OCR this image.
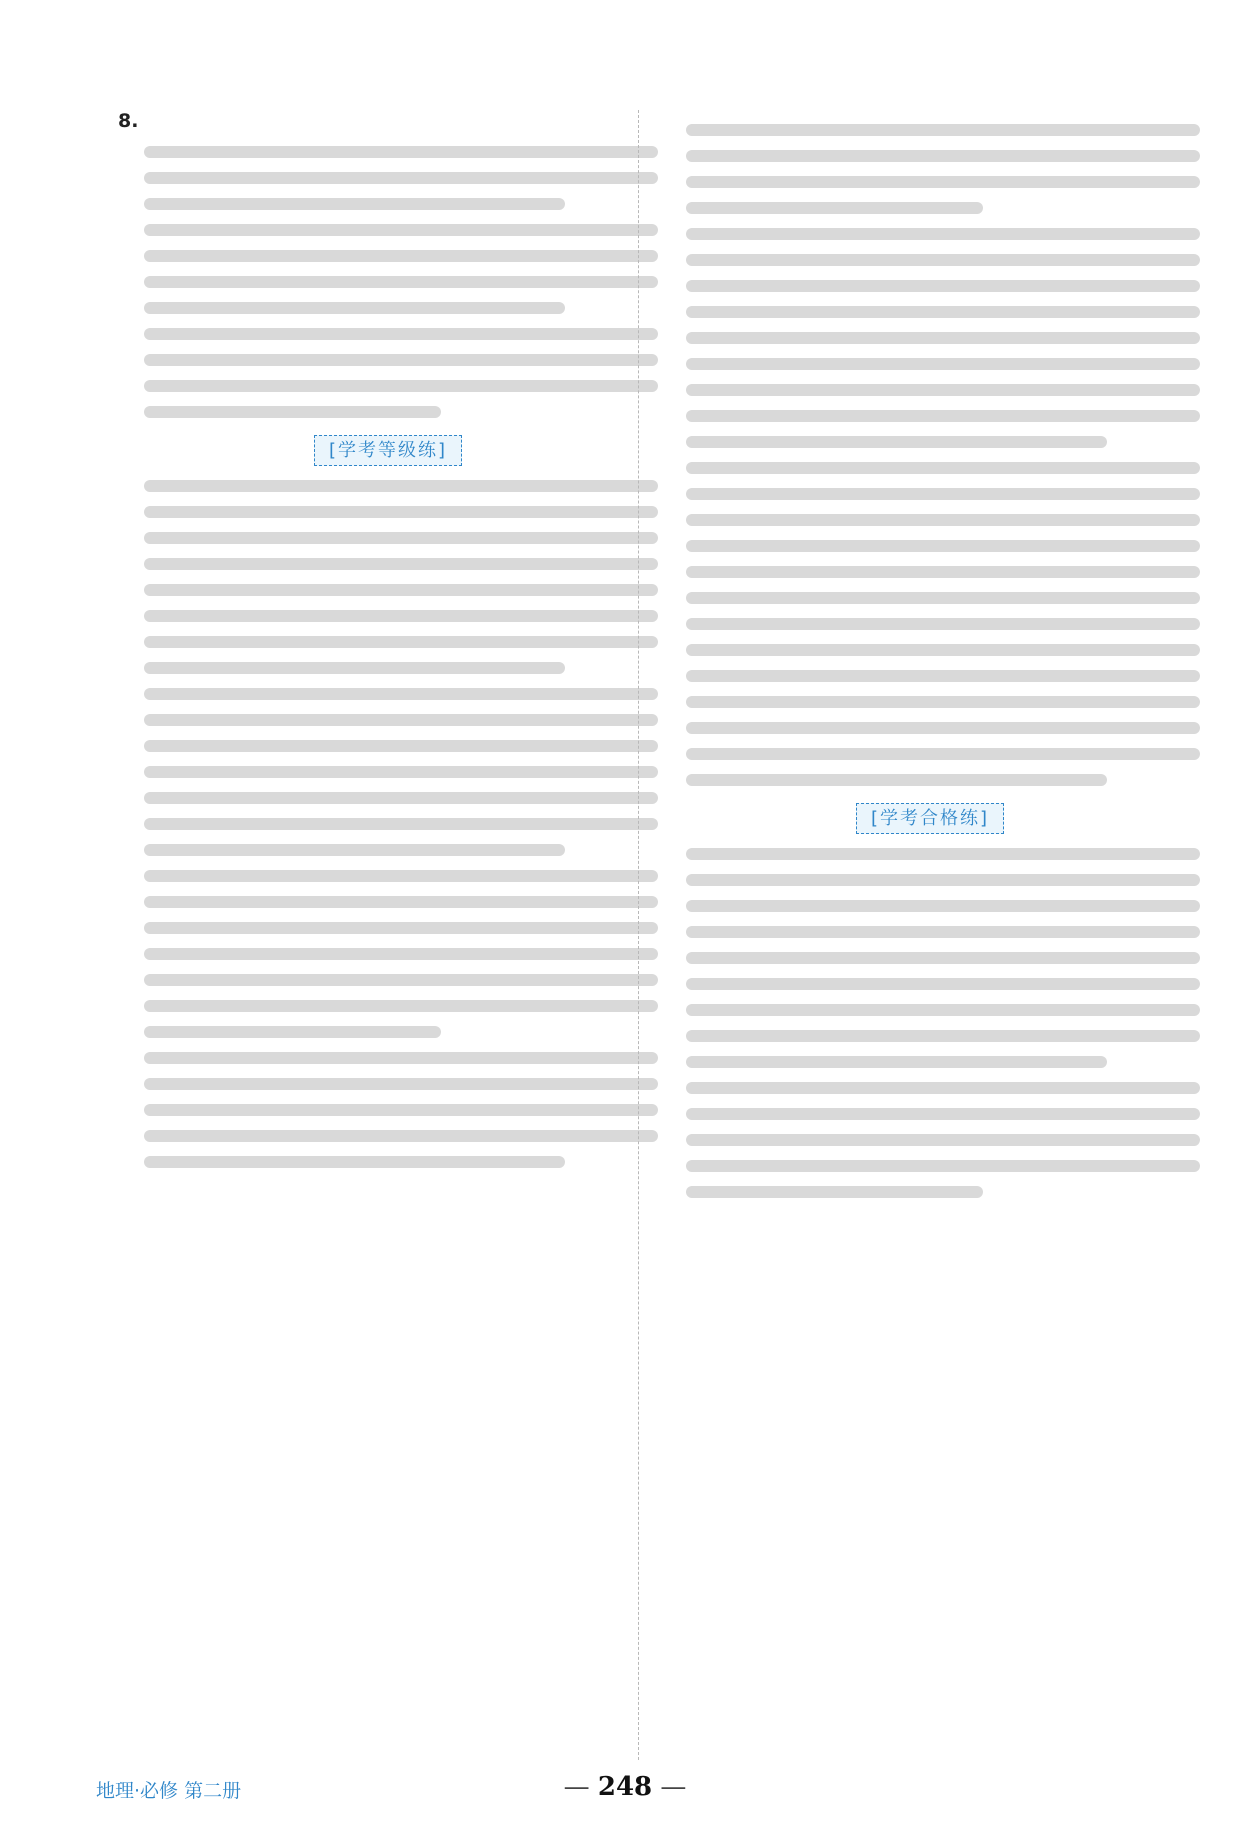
8.
[学考等级练]
[学考合格练]
地理·必修 第二册
—	248 —
